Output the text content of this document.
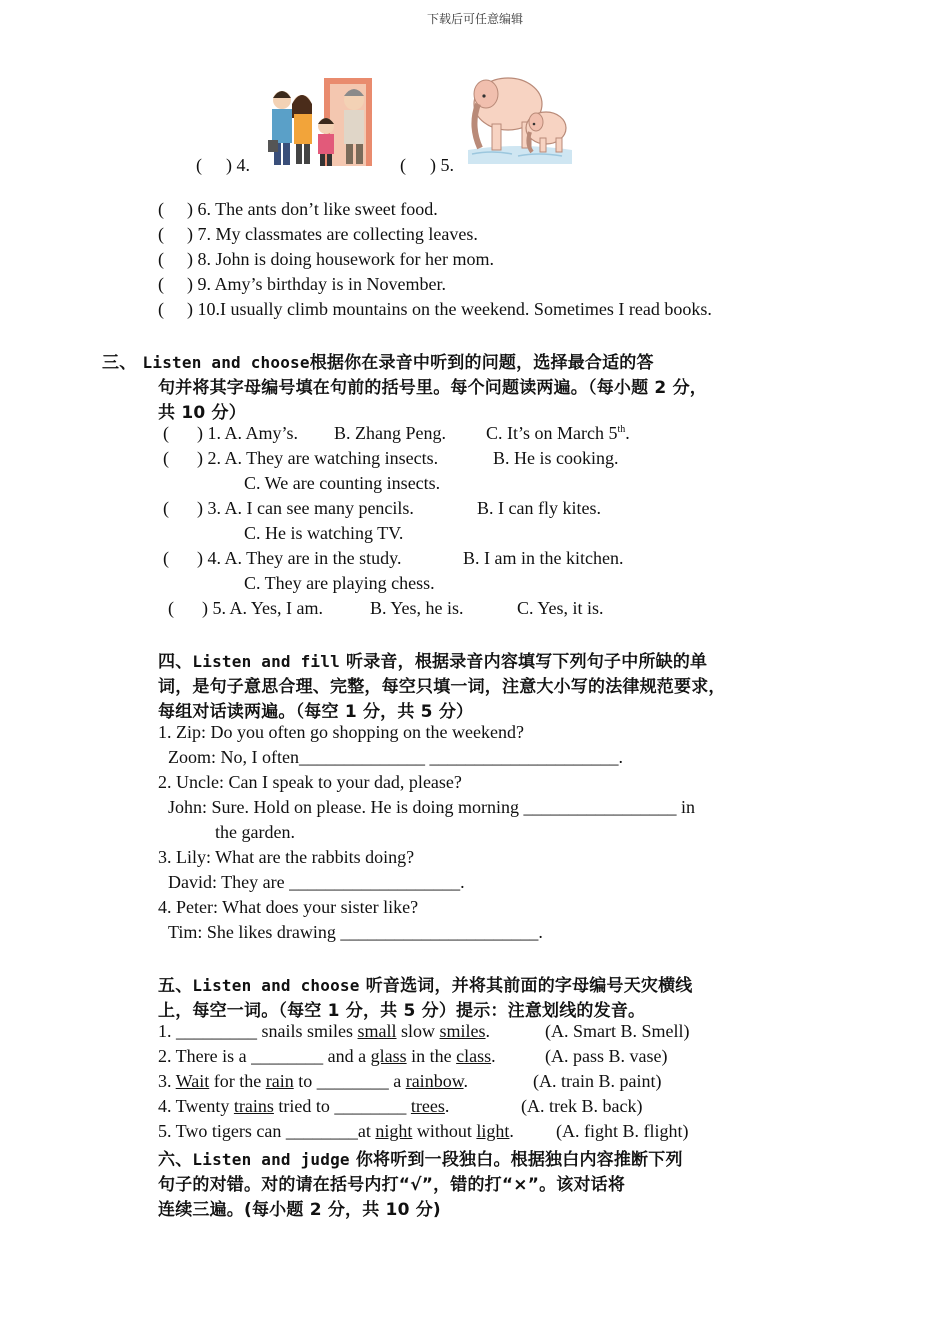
下载后可任意编辑
( ) 4.	( ) 5.
( ) 6. The ants don’t like sweet food.
( ) 7. My classmates are collecting leaves.
( ) 8. John is doing housework for her mom.
( ) 9. Amy’s birthday is in November.
( ) 10.I usually climb mountains on the weekend. Sometimes I read books.
三、 Listen and choose根据你在录音中听到的问题，选择最合适的答
句并将其字母编号填在句前的括号里。每个问题读两遍。（每小题 2 分，
共 10 分）
( ) 1. A. Amy’s. B. Zhang Peng. C. It’s on March 5th.
( ) 2. A. They are watching insects.	B. He is cooking.
C. We are counting insects.
( ) 3. A. I can see many pencils.	B. I can fly kites.
C. He is watching TV.
( ) 4. A. They are in the study.	B. I am in the kitchen.
C. They are playing chess.
( ) 5. A. Yes, I am.	B. Yes, he is.	C. Yes, it is.
四、Listen and fill 听录音，根据录音内容填写下列句子中所缺的单
词，是句子意思合理、完整，每空只填一词，注意大小写的法律规范要求，
每组对话读两遍。（每空 1 分，共 5 分）
1. Zip: Do you often go shopping on the weekend?
Zoom: No, I often______________ _____________________.
2. Uncle: Can I speak to your dad, please?
John: Sure. Hold on please. He is doing morning _________________ in
the garden.
3. Lily: What are the rabbits doing?
David: They are ___________________.
4. Peter: What does your sister like?
Tim: She likes drawing ______________________.
五、Listen and choose 听音选词，并将其前面的字母编号天灾横线
上，每空一词。（每空 1 分，共 5 分）提示：注意划线的发音。
1. _________ snails smiles small slow smiles.	(A. Smart B. Smell)
2. There is a ________ and a glass in the class.	(A. pass B. vase)
3. Wait for the rain to ________ a rainbow.	(A. train B. paint)
4. Twenty trains tried to ________ trees.	(A. trek B. back)
5. Two tigers can ________at night without light. (A. fight B. flight)
六、Listen and judge 你将听到一段独白。根据独白内容推断下列
句子的对错。对的请在括号内打“√”，错的打“×”。该对话将
连续三遍。(每小题 2 分，共 10 分)
